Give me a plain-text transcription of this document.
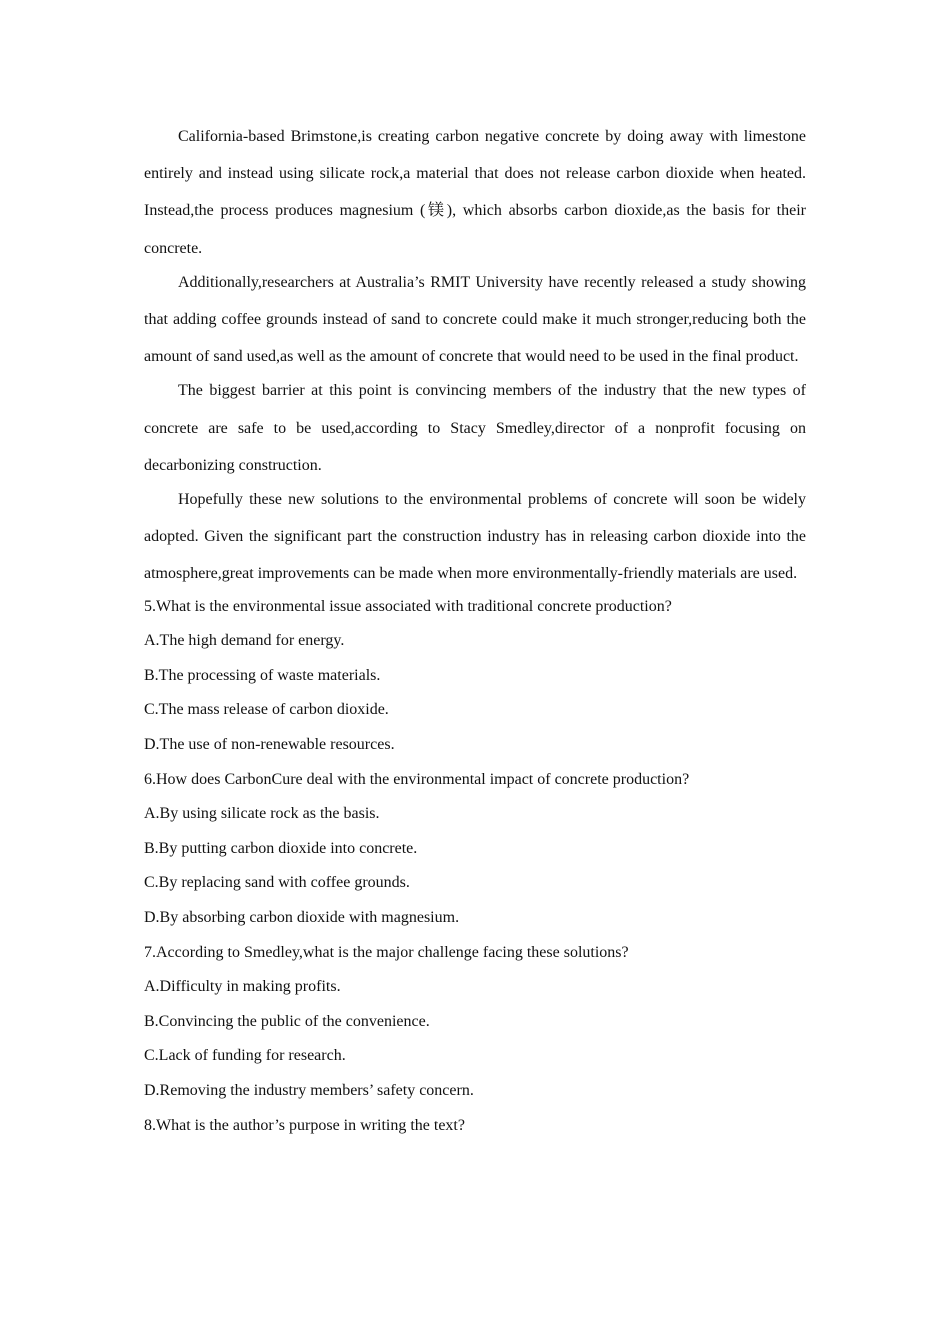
California-based Brimstone,is creating carbon negative concrete by doing away with limestone entirely and instead using silicate rock,a material that does not release carbon dioxide when heated. Instead,the process produces magnesium (镁), which absorbs carbon dioxide,as the basis for their concrete.

Additionally,researchers at Australia’s RMIT University have recently released a study showing that adding coffee grounds instead of sand to concrete could make it much stronger,reducing both the amount of sand used,as well as the amount of concrete that would need to be used in the final product.

The biggest barrier at this point is convincing members of the industry that the new types of concrete are safe to be used,according to Stacy Smedley,director of a nonprofit focusing on decarbonizing construction.

Hopefully these new solutions to the environmental problems of concrete will soon be widely adopted. Given the significant part the construction industry has in releasing carbon dioxide into the atmosphere,great improvements can be made when more environmentally-friendly materials are used.

5.What is the environmental issue associated with traditional concrete production?

A.The high demand for energy.

B.The processing of waste materials.

C.The mass release of carbon dioxide.

D.The use of non-renewable resources.

6.How does CarbonCure deal with the environmental impact of concrete production?

A.By using silicate rock as the basis.

B.By putting carbon dioxide into concrete.

C.By replacing sand with coffee grounds.

D.By absorbing carbon dioxide with magnesium.

7.According to Smedley,what is the major challenge facing these solutions?

A.Difficulty in making profits.

B.Convincing the public of the convenience.

C.Lack of funding for research.

D.Removing the industry members’ safety concern.

8.What is the author’s purpose in writing the text?
